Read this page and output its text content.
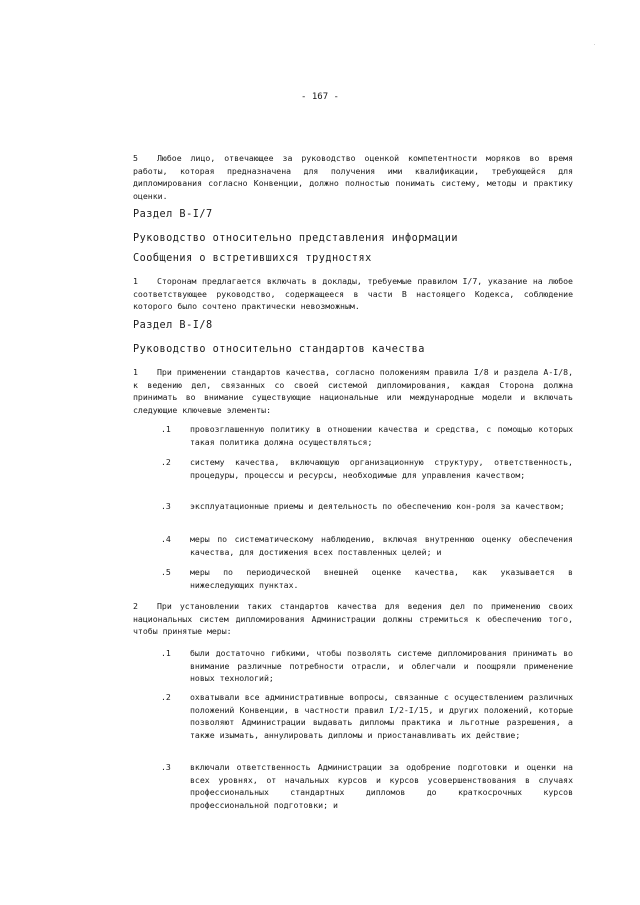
- 167 -
5 Любое лицо, отвечающее за руководство оценкой компетентности моряков во время работы, которая предназначена для получения ими квалификации, требующейся для дипломирования согласно Конвенции, должно полностью понимать систему, методы и практику оценки.
Раздел B-I/7
Руководство относительно представления информации
Сообщения о встретившихся трудностях
1 Сторонам предлагается включать в доклады, требуемые правилом I/7, указание на любое соответствующее руководство, содержащееся в части В настоящего Кодекса, соблюдение которого было сочтено практически невозможным.
Раздел B-I/8
Руководство относительно стандартов качества
1 При применении стандартов качества, согласно положениям правила I/8 и раздела A-I/8, к ведению дел, связанных со своей системой дипломирования, каждая Сторона должна принимать во внимание существующие национальные или международные модели и включать следующие ключевые элементы:
.1	провозглашенную политику в отношении качества и средства, с помощью которых такая политика должна осуществляться;
.2	систему качества, включающую организационную структуру, ответственность, процедуры, процессы и ресурсы, необходимые для управления качеством;
.3	эксплуатационные приемы и деятельность по обеспечению кон-роля за качеством;
.4	меры по систематическому наблюдению, включая внутреннюю оценку обеспечения качества, для достижения всех поставленных целей; и
.5	меры по периодической внешней оценке качества, как указывается в нижеследующих пунктах.
2 При установлении таких стандартов качества для ведения дел по применению своих национальных систем дипломирования Администрации должны стремиться к обеспечению того, чтобы принятые меры:
.1	были достаточно гибкими, чтобы позволять системе дипломирования принимать во внимание различные потребности отрасли, и облегчали и поощряли применение новых технологий;
.2	охватывали все административные вопросы, связанные с осуществлением различных положений Конвенции, в частности правил I/2-I/15, и других положений, которые позволяют Администрации выдавать дипломы практика и льготные разрешения, а также изымать, аннулировать дипломы и приостанавливать их действие;
.3	включали ответственность Администрации за одобрение подготовки и оценки на всех уровнях, от начальных курсов и курсов усовершенствования в случаях профессиональных стандартных дипломов до краткосрочных курсов профессиональной подготовки; и
